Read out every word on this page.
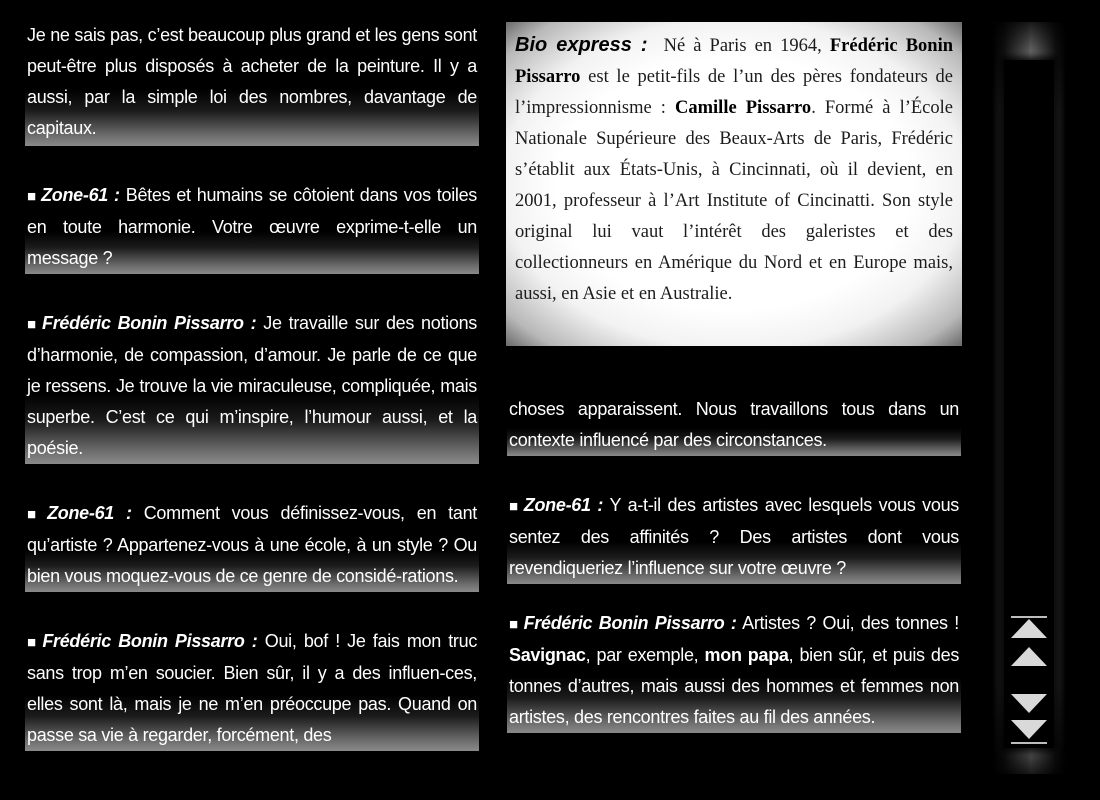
Je ne sais pas, c’est beaucoup plus grand et les gens sont peut-être plus disposés à acheter de la peinture. Il y a aussi, par la simple loi des nombres, davantage de capitaux.
■ Zone-61 : Bêtes et humains se côtoient dans vos toiles en toute harmonie. Votre œuvre exprime-t-elle un message ?
■ Frédéric Bonin Pissarro : Je travaille sur des notions d’harmonie, de compassion, d’amour. Je parle de ce que je ressens. Je trouve la vie miraculeuse, compliquée, mais superbe. C’est ce qui m’inspire, l’humour aussi, et la poésie.
■ Zone-61 : Comment vous définissez-vous, en tant qu’artiste ? Appartenez-vous à une école, à un style ? Ou bien vous moquez-vous de ce genre de considé-rations.
■ Frédéric Bonin Pissarro : Oui, bof ! Je fais mon truc sans trop m’en soucier. Bien sûr, il y a des influen-ces, elles sont là, mais je ne m’en préoccupe pas. Quand on passe sa vie à regarder, forcément, des
Bio express : Né à Paris en 1964, Frédéric Bonin Pissarro est le petit-fils de l’un des pères fondateurs de l’impressionnisme : Camille Pissarro. Formé à l’École Nationale Supérieure des Beaux-Arts de Paris, Frédéric s’établit aux États-Unis, à Cincinnati, où il devient, en 2001, professeur à l’Art Institute of Cincinatti. Son style original lui vaut l’intérêt des galeristes et des collectionneurs en Amérique du Nord et en Europe mais, aussi, en Asie et en Australie.
choses apparaissent. Nous travaillons tous dans un contexte influencé par des circonstances.
■ Zone-61 : Y a-t-il des artistes avec lesquels vous vous sentez des affinités ? Des artistes dont vous revendiqueriez l’influence sur votre œuvre ?
■ Frédéric Bonin Pissarro : Artistes ? Oui, des tonnes ! Savignac, par exemple, mon papa, bien sûr, et puis des tonnes d’autres, mais aussi des hommes et femmes non artistes, des rencontres faites au fil des années.
